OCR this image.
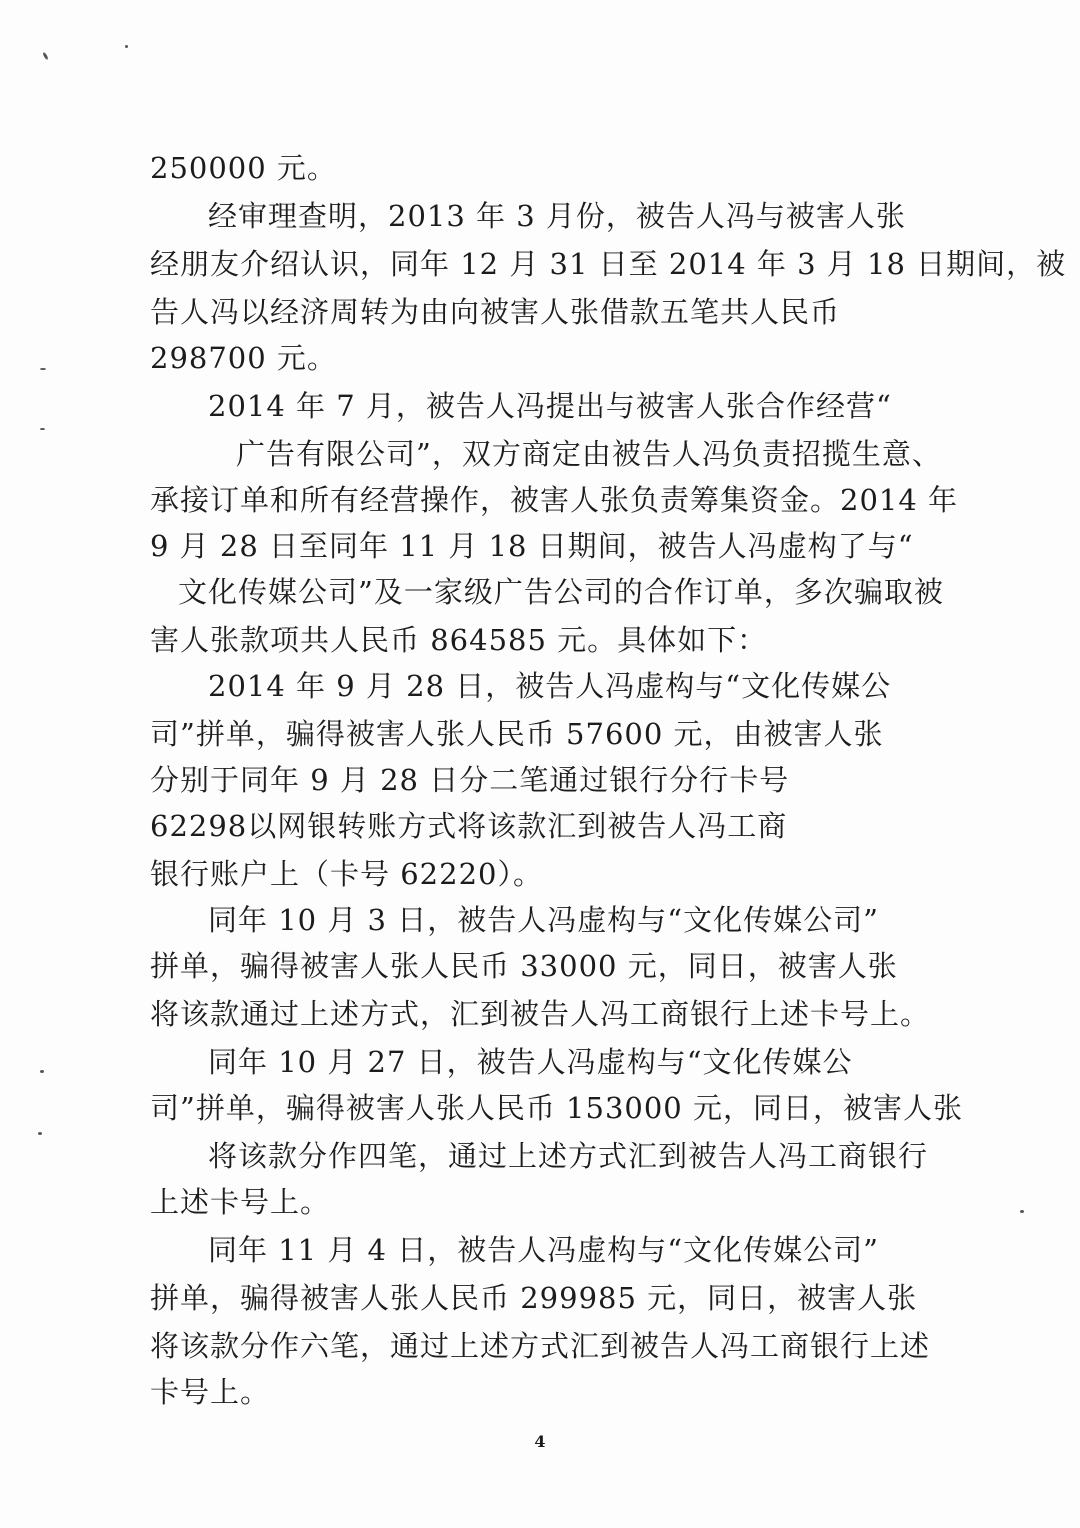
250000 元。
经审理查明，2013 年 3 月份，被告人冯与被害人张
经朋友介绍认识，同年 12 月 31 日至 2014 年 3 月 18 日期间，被
告人冯以经济周转为由向被害人张借款五笔共人民币
298700 元。
2014 年 7 月，被告人冯提出与被害人张合作经营“
广告有限公司”，双方商定由被告人冯负责招揽生意、
承接订单和所有经营操作，被害人张负责筹集资金。2014 年
9 月 28 日至同年 11 月 18 日期间，被告人冯虚构了与“
文化传媒公司”及一家级广告公司的合作订单，多次骗取被
害人张款项共人民币 864585 元。具体如下：
2014 年 9 月 28 日，被告人冯虚构与“文化传媒公
司”拼单，骗得被害人张人民币 57600 元，由被害人张
分别于同年 9 月 28 日分二笔通过银行分行卡号
62298以网银转账方式将该款汇到被告人冯工商
银行账户上（卡号 62220）。
同年 10 月 3 日，被告人冯虚构与“文化传媒公司”
拼单，骗得被害人张人民币 33000 元，同日，被害人张
将该款通过上述方式，汇到被告人冯工商银行上述卡号上。
同年 10 月 27 日，被告人冯虚构与“文化传媒公
司”拼单，骗得被害人张人民币 153000 元，同日，被害人张
将该款分作四笔，通过上述方式汇到被告人冯工商银行
上述卡号上。
同年 11 月 4 日，被告人冯虚构与“文化传媒公司”
拼单，骗得被害人张人民币 299985 元，同日，被害人张
将该款分作六笔，通过上述方式汇到被告人冯工商银行上述
卡号上。
4
